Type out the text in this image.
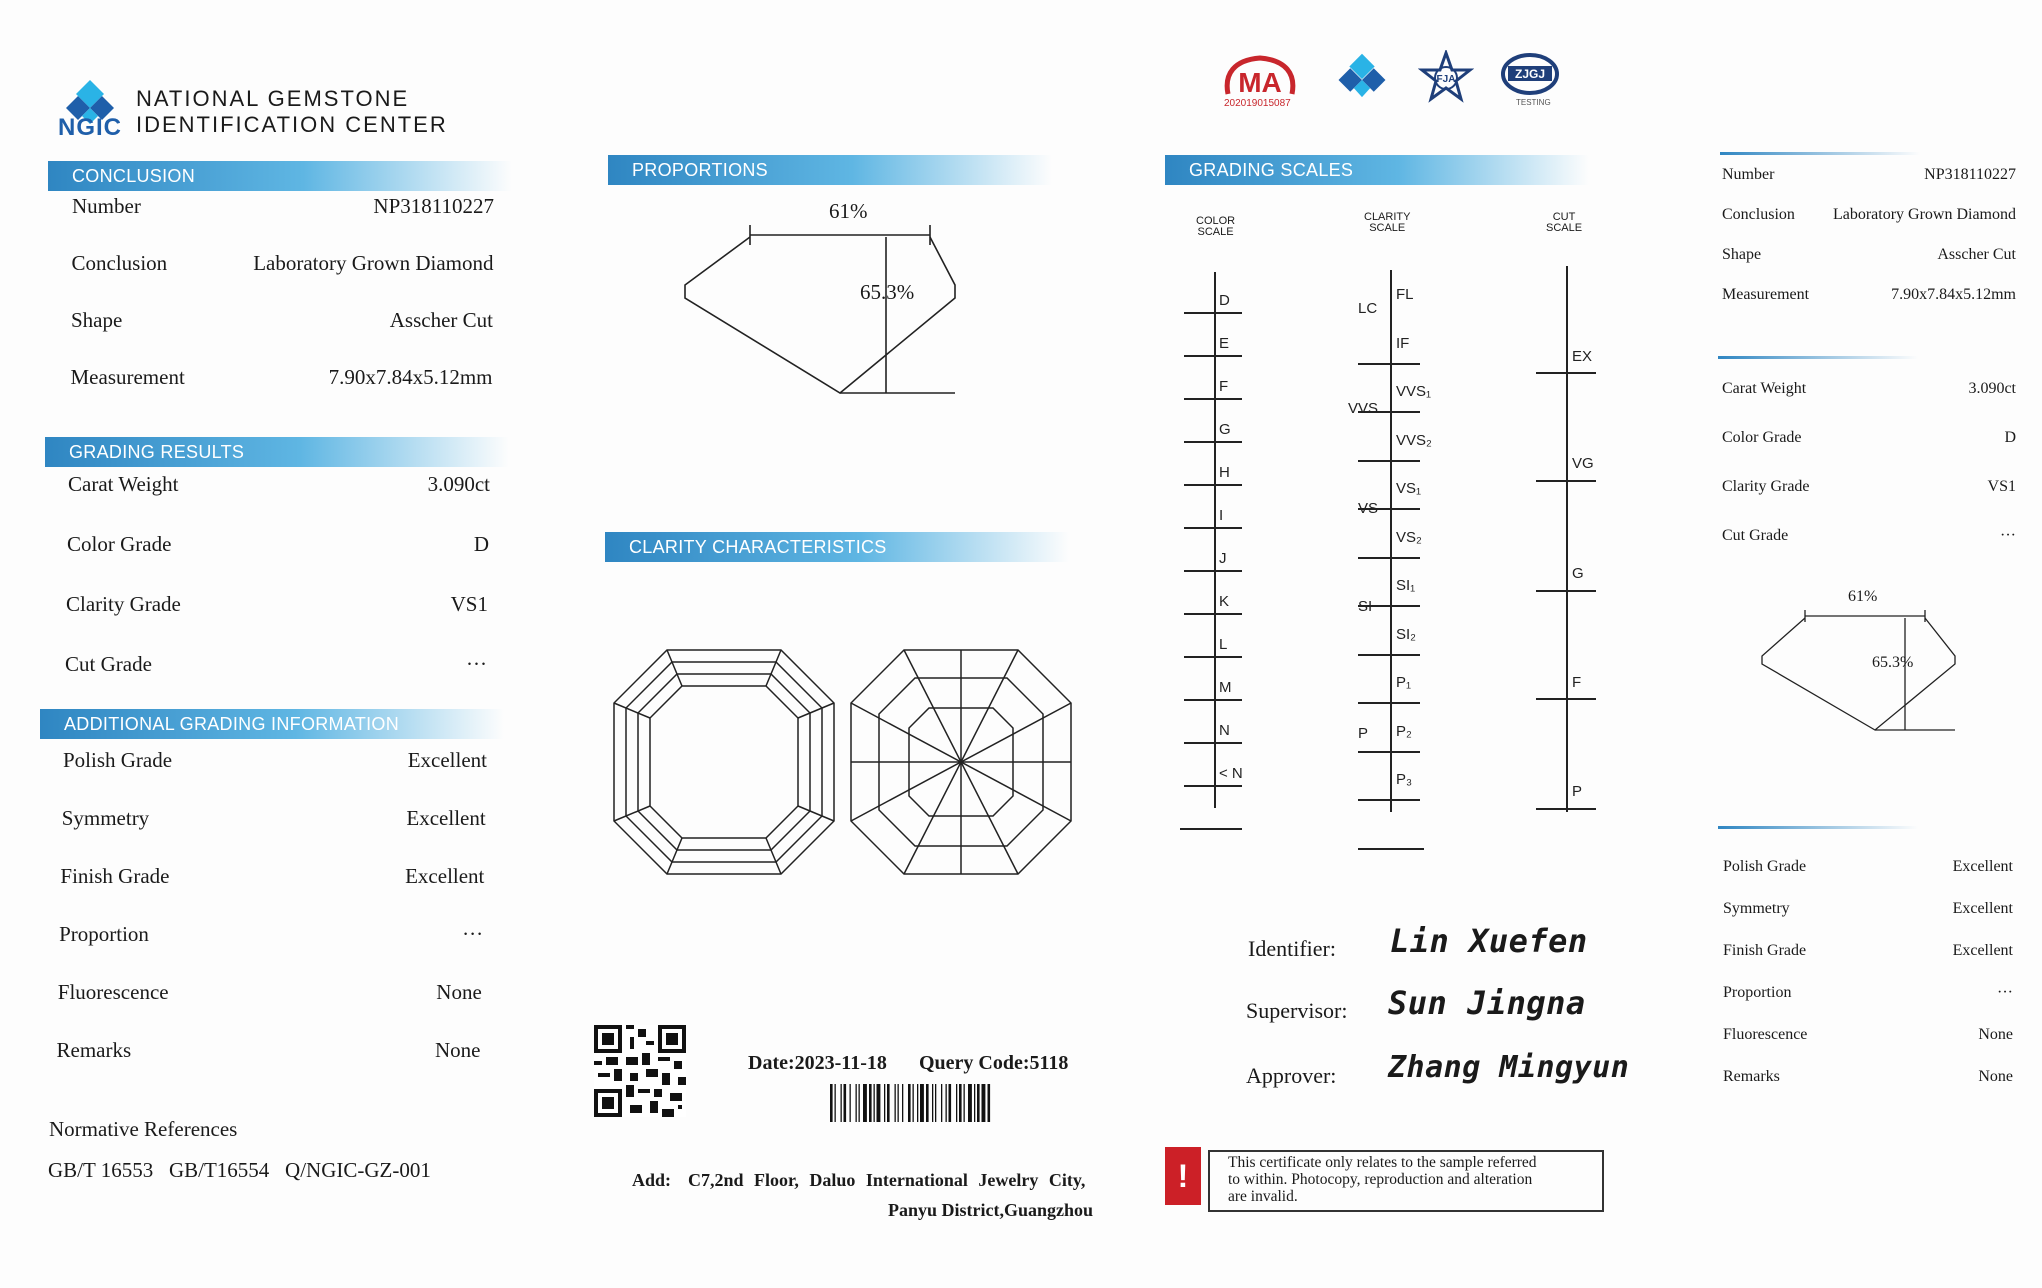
NGIC
NATIONAL GEMSTONE
IDENTIFICATION CENTER
CONCLUSION
Number	NP318110227
Conclusion	Laboratory Grown Diamond
Shape	Asscher Cut
Measurement	7.90x7.84x5.12mm
GRADING RESULTS
Carat Weight	3.090ct
Color Grade	D
Clarity Grade	VS1
Cut Grade	···
ADDITIONAL GRADING INFORMATION
Polish Grade	Excellent
Symmetry	Excellent
Finish Grade	Excellent
Proportion	···
Fluorescence	None
Remarks	None
Normative References
GB/T 16553   GB/T16554   Q/NGIC-GZ-001
PROPORTIONS
61%
65.3%
CLARITY CHARACTERISTICS
Date:2023-11-18 Query Code:5118
Add: C7,2nd Floor, Daluo International Jewelry City,
Panyu District,Guangzhou
MA
202019015087
FJA	ZJGJ
TESTING
GRADING SCALES
COLOR
SCALE
CLARITY
SCALE
CUT
SCALE
D
E
F
G
H
I
J
K
L
M
N
< N
FL
IF
VVS₁
VVS₂
VS₁
VS₂
SI₁
SI₂
P₁
P₂
P₃
LC
VVS
VS
SI
P
EX
VG
G
F
P
Identifier: Lin Xuefen
Supervisor: Sun Jingna
Approver: Zhang Mingyun
!	This certificate only relates to the sample referred
to within. Photocopy, reproduction and alteration
are invalid.
Number	NP318110227
Conclusion Laboratory Grown Diamond
Shape	Asscher Cut
Measurement	7.90x7.84x5.12mm
Carat Weight	3.090ct
Color Grade	D
Clarity Grade	VS1
Cut Grade	···
61%
65.3%
Polish Grade	Excellent
Symmetry	Excellent
Finish Grade	Excellent
Proportion	···
Fluorescence	None
Remarks	None
